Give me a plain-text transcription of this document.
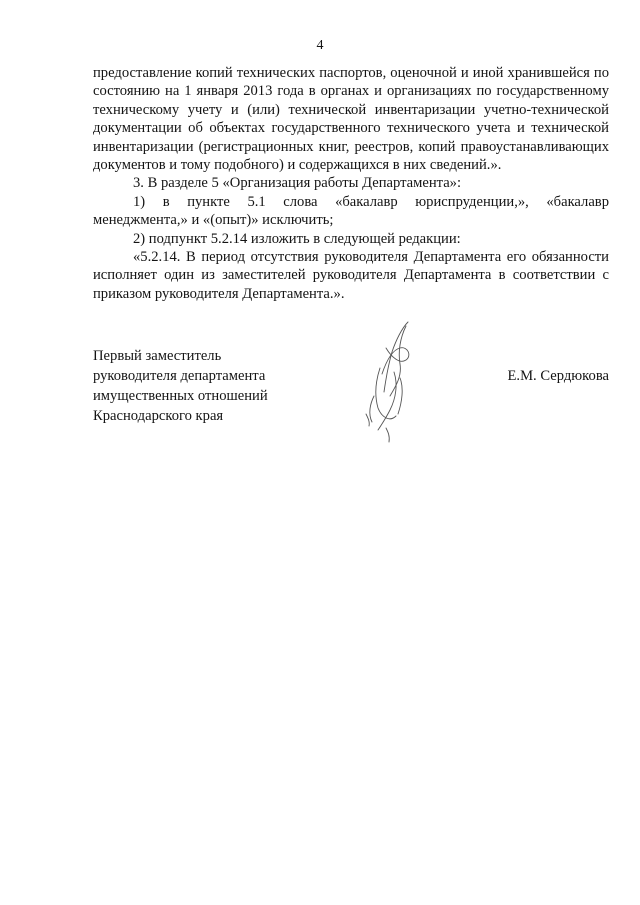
4

предоставление копий технических паспортов, оценочной и иной хранившейся по состоянию на 1 января 2013 года в органах и организациях по государственному техническому учету и (или) технической инвентаризации учетно-технической документации об объектах государственного технического учета и технической инвентаризации (регистрационных книг, реестров, копий правоустанавливающих документов и тому подобного) и содержащихся в них сведений.».

3. В разделе 5 «Организация работы Департамента»:

1) в пункте 5.1 слова «бакалавр юриспруденции,», «бакалавр менеджмента,» и «(опыт)» исключить;

2) подпункт 5.2.14 изложить в следующей редакции:

«5.2.14. В период отсутствия руководителя Департамента его обязанности исполняет один из заместителей руководителя Департамента в соответствии с приказом руководителя Департамента.».

Первый заместитель
руководителя департамента
имущественных отношений
Краснодарского края
Е.М. Сердюкова
